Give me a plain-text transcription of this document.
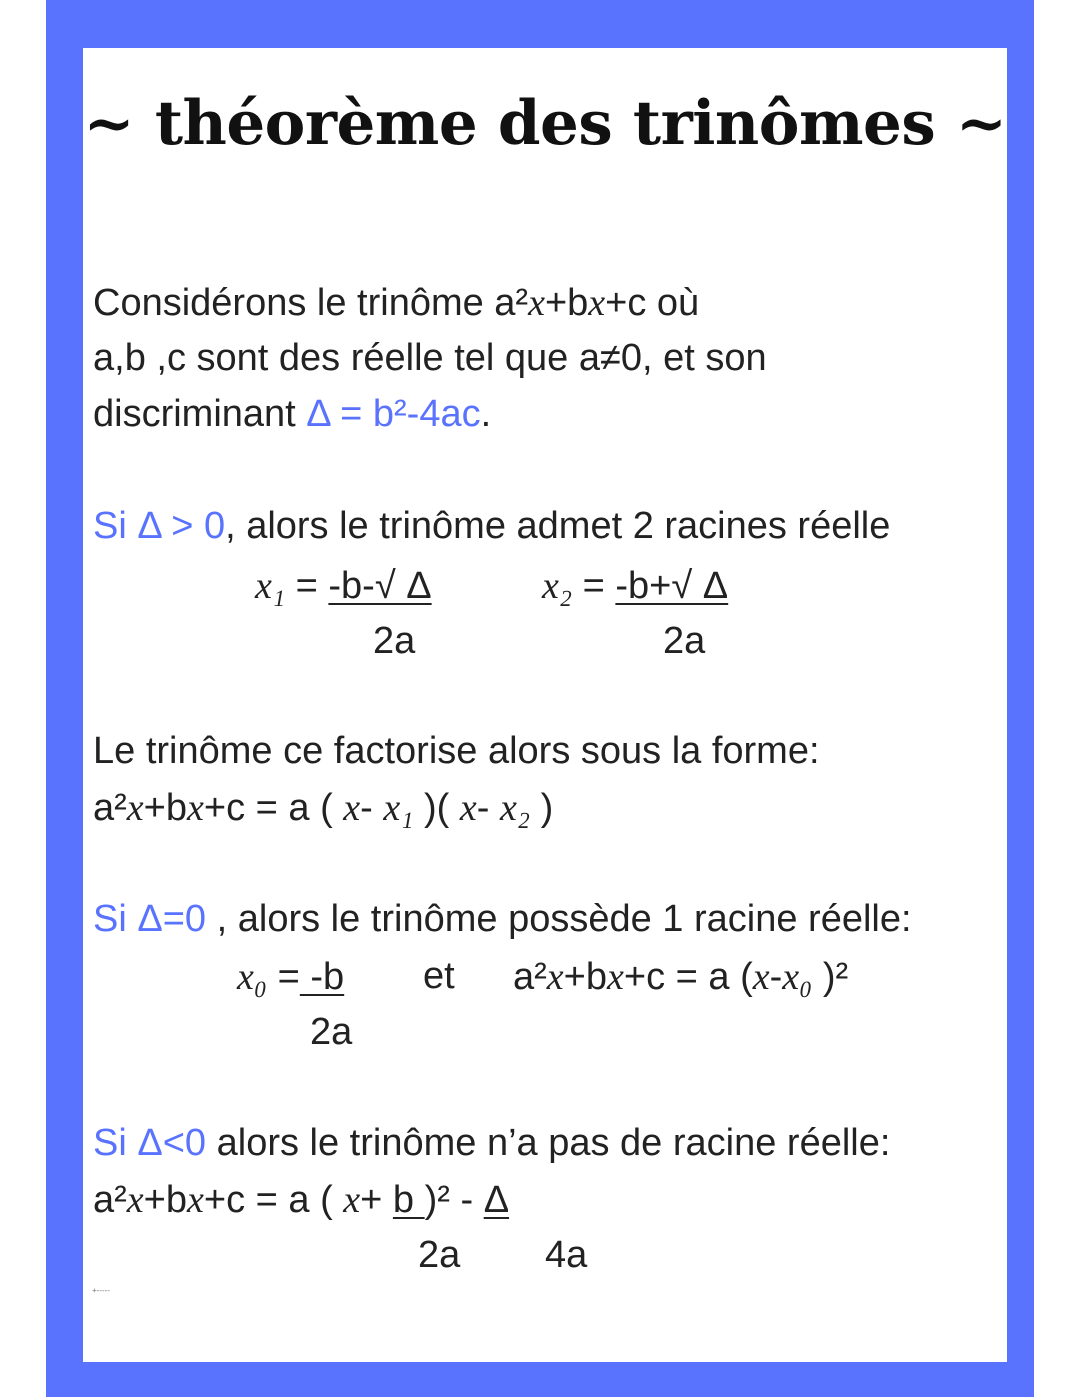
~ théorème des trinômes ~
Considérons le trinôme a²x+bx+c où
a,b ,c sont des réelle tel que a≠0, et son
discriminant Δ = b²-4ac.
Si Δ > 0, alors le trinôme admet 2 racines réelle
x₁ = -b-√ Δ	x₂ = -b+√ Δ
2a	2a
Le trinôme ce factorise alors sous la forme:
a²x+bx+c = a ( x- x₁ )( x- x₂ )
Si Δ=0 , alors le trinôme possède 1 racine réelle:
x₀ = -b et a²x+bx+c = a (x-x₀ )²
2a
Si Δ<0 alors le trinôme n’a pas de racine réelle:
a²x+bx+c = a ( x+ b )² - Δ
2a 4a
+-----
